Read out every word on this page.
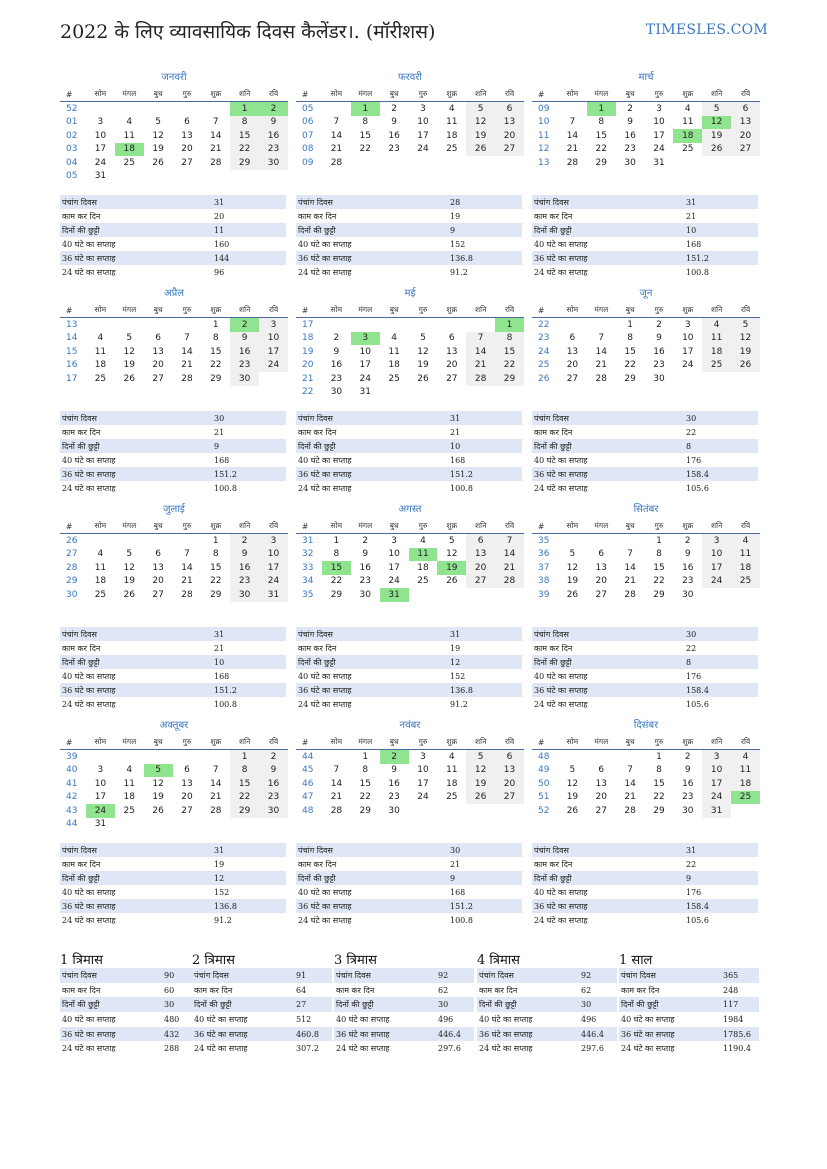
2022 के लिए व्यावसायिक दिवस कैलेंडर।. (मॉरीशस)	TIMESLES.COM
जनवरी
#	सोम	मंगल	बुध	गुरु	शुक्र	शनि	रवि
52						1	2
01	3	4	5	6	7	8	9
02	10	11	12	13	14	15	16
03	17	18	19	20	21	22	23
04	24	25	26	27	28	29	30
05	31						
पंचांग दिवस	31
काम कर दिन	20
दिनों की छुट्टी	11
40 घंटे का सप्ताह	160
36 घंटे का सप्ताह	144
24 घंटे का सप्ताह	96
फरवरी
#	सोम	मंगल	बुध	गुरु	शुक्र	शनि	रवि
05		1	2	3	4	5	6
06	7	8	9	10	11	12	13
07	14	15	16	17	18	19	20
08	21	22	23	24	25	26	27
09	28						
पंचांग दिवस	28
काम कर दिन	19
दिनों की छुट्टी	9
40 घंटे का सप्ताह	152
36 घंटे का सप्ताह	136.8
24 घंटे का सप्ताह	91.2
मार्च
#	सोम	मंगल	बुध	गुरु	शुक्र	शनि	रवि
09		1	2	3	4	5	6
10	7	8	9	10	11	12	13
11	14	15	16	17	18	19	20
12	21	22	23	24	25	26	27
13	28	29	30	31			
पंचांग दिवस	31
काम कर दिन	21
दिनों की छुट्टी	10
40 घंटे का सप्ताह	168
36 घंटे का सप्ताह	151.2
24 घंटे का सप्ताह	100.8
अप्रैल
#	सोम	मंगल	बुध	गुरु	शुक्र	शनि	रवि
13					1	2	3
14	4	5	6	7	8	9	10
15	11	12	13	14	15	16	17
16	18	19	20	21	22	23	24
17	25	26	27	28	29	30	
पंचांग दिवस	30
काम कर दिन	21
दिनों की छुट्टी	9
40 घंटे का सप्ताह	168
36 घंटे का सप्ताह	151.2
24 घंटे का सप्ताह	100.8
मई
#	सोम	मंगल	बुध	गुरु	शुक्र	शनि	रवि
17							1
18	2	3	4	5	6	7	8
19	9	10	11	12	13	14	15
20	16	17	18	19	20	21	22
21	23	24	25	26	27	28	29
22	30	31					
पंचांग दिवस	31
काम कर दिन	21
दिनों की छुट्टी	10
40 घंटे का सप्ताह	168
36 घंटे का सप्ताह	151.2
24 घंटे का सप्ताह	100.8
जून
#	सोम	मंगल	बुध	गुरु	शुक्र	शनि	रवि
22			1	2	3	4	5
23	6	7	8	9	10	11	12
24	13	14	15	16	17	18	19
25	20	21	22	23	24	25	26
26	27	28	29	30			
पंचांग दिवस	30
काम कर दिन	22
दिनों की छुट्टी	8
40 घंटे का सप्ताह	176
36 घंटे का सप्ताह	158.4
24 घंटे का सप्ताह	105.6
जुलाई
#	सोम	मंगल	बुध	गुरु	शुक्र	शनि	रवि
26					1	2	3
27	4	5	6	7	8	9	10
28	11	12	13	14	15	16	17
29	18	19	20	21	22	23	24
30	25	26	27	28	29	30	31
पंचांग दिवस	31
काम कर दिन	21
दिनों की छुट्टी	10
40 घंटे का सप्ताह	168
36 घंटे का सप्ताह	151.2
24 घंटे का सप्ताह	100.8
अगस्त
#	सोम	मंगल	बुध	गुरु	शुक्र	शनि	रवि
31	1	2	3	4	5	6	7
32	8	9	10	11	12	13	14
33	15	16	17	18	19	20	21
34	22	23	24	25	26	27	28
35	29	30	31				
पंचांग दिवस	31
काम कर दिन	19
दिनों की छुट्टी	12
40 घंटे का सप्ताह	152
36 घंटे का सप्ताह	136.8
24 घंटे का सप्ताह	91.2
सितंबर
#	सोम	मंगल	बुध	गुरु	शुक्र	शनि	रवि
35				1	2	3	4
36	5	6	7	8	9	10	11
37	12	13	14	15	16	17	18
38	19	20	21	22	23	24	25
39	26	27	28	29	30		
पंचांग दिवस	30
काम कर दिन	22
दिनों की छुट्टी	8
40 घंटे का सप्ताह	176
36 घंटे का सप्ताह	158.4
24 घंटे का सप्ताह	105.6
अक्तूबर
#	सोम	मंगल	बुध	गुरु	शुक्र	शनि	रवि
39						1	2
40	3	4	5	6	7	8	9
41	10	11	12	13	14	15	16
42	17	18	19	20	21	22	23
43	24	25	26	27	28	29	30
44	31						
पंचांग दिवस	31
काम कर दिन	19
दिनों की छुट्टी	12
40 घंटे का सप्ताह	152
36 घंटे का सप्ताह	136.8
24 घंटे का सप्ताह	91.2
नवंबर
#	सोम	मंगल	बुध	गुरु	शुक्र	शनि	रवि
44		1	2	3	4	5	6
45	7	8	9	10	11	12	13
46	14	15	16	17	18	19	20
47	21	22	23	24	25	26	27
48	28	29	30				
पंचांग दिवस	30
काम कर दिन	21
दिनों की छुट्टी	9
40 घंटे का सप्ताह	168
36 घंटे का सप्ताह	151.2
24 घंटे का सप्ताह	100.8
दिसंबर
#	सोम	मंगल	बुध	गुरु	शुक्र	शनि	रवि
48				1	2	3	4
49	5	6	7	8	9	10	11
50	12	13	14	15	16	17	18
51	19	20	21	22	23	24	25
52	26	27	28	29	30	31	
पंचांग दिवस	31
काम कर दिन	22
दिनों की छुट्टी	9
40 घंटे का सप्ताह	176
36 घंटे का सप्ताह	158.4
24 घंटे का सप्ताह	105.6
1 त्रिमास
पंचांग दिवस	90
काम कर दिन	60
दिनों की छुट्टी	30
40 घंटे का सप्ताह	480
36 घंटे का सप्ताह	432
24 घंटे का सप्ताह	288
2 त्रिमास
पंचांग दिवस	91
काम कर दिन	64
दिनों की छुट्टी	27
40 घंटे का सप्ताह	512
36 घंटे का सप्ताह	460.8
24 घंटे का सप्ताह	307.2
3 त्रिमास
पंचांग दिवस	92
काम कर दिन	62
दिनों की छुट्टी	30
40 घंटे का सप्ताह	496
36 घंटे का सप्ताह	446.4
24 घंटे का सप्ताह	297.6
4 त्रिमास
पंचांग दिवस	92
काम कर दिन	62
दिनों की छुट्टी	30
40 घंटे का सप्ताह	496
36 घंटे का सप्ताह	446.4
24 घंटे का सप्ताह	297.6
1 साल
पंचांग दिवस	365
काम कर दिन	248
दिनों की छुट्टी	117
40 घंटे का सप्ताह	1984
36 घंटे का सप्ताह	1785.6
24 घंटे का सप्ताह	1190.4
